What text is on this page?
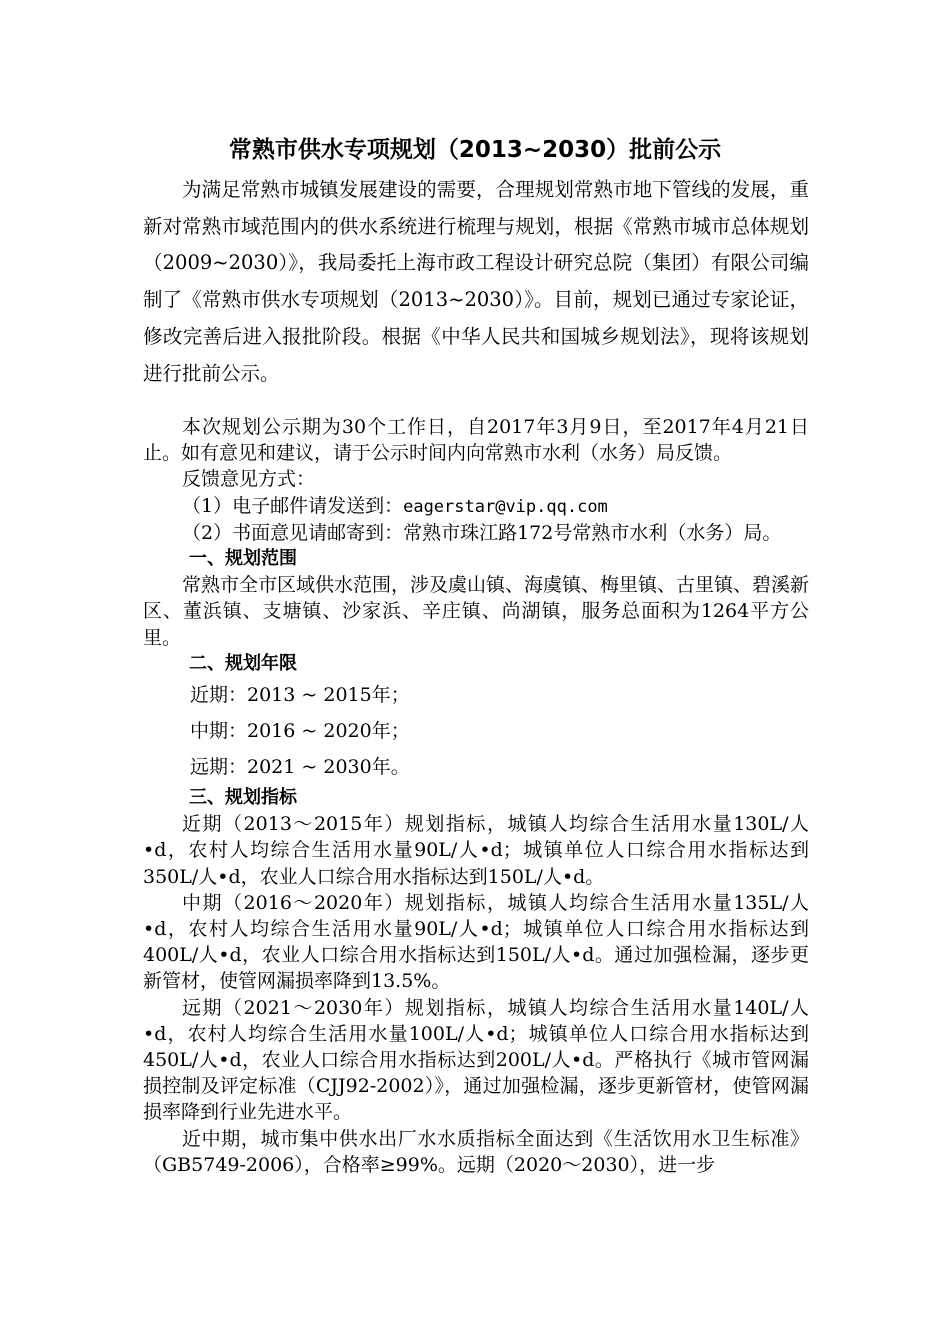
常熟市供水专项规划（2013~2030）批前公示

为满足常熟市城镇发展建设的需要，合理规划常熟市地下管线的发展，重新对常熟市域范围内的供水系统进行梳理与规划，根据《常熟市城市总体规划（2009~2030）》，我局委托上海市政工程设计研究总院（集团）有限公司编制了《常熟市供水专项规划（2013~2030）》。目前，规划已通过专家论证，修改完善后进入报批阶段。根据《中华人民共和国城乡规划法》，现将该规划进行批前公示。

本次规划公示期为30个工作日，自2017年3月9日，至2017年4月21日止。如有意见和建议，请于公示时间内向常熟市水利（水务）局反馈。

反馈意见方式：

（1）电子邮件请发送到：eagerstar@vip.qq.com

（2）书面意见请邮寄到：常熟市珠江路172号常熟市水利（水务）局。

一、规划范围

常熟市全市区域供水范围，涉及虞山镇、海虞镇、梅里镇、古里镇、碧溪新区、董浜镇、支塘镇、沙家浜、辛庄镇、尚湖镇，服务总面积为1264平方公里。

二、规划年限

近期：2013 ~ 2015年；

中期：2016 ~ 2020年；

远期：2021 ~ 2030年。

三、规划指标

近期（2013～2015年）规划指标，城镇人均综合生活用水量130L/人•d，农村人均综合生活用水量90L/人•d；城镇单位人口综合用水指标达到350L/人•d，农业人口综合用水指标达到150L/人•d。

中期（2016～2020年）规划指标，城镇人均综合生活用水量135L/人•d，农村人均综合生活用水量90L/人•d；城镇单位人口综合用水指标达到400L/人•d，农业人口综合用水指标达到150L/人•d。通过加强检漏，逐步更新管材，使管网漏损率降到13.5%。

远期（2021～2030年）规划指标，城镇人均综合生活用水量140L/人•d，农村人均综合生活用水量100L/人•d；城镇单位人口综合用水指标达到450L/人•d，农业人口综合用水指标达到200L/人•d。严格执行《城市管网漏损控制及评定标准（CJJ92-2002）》，通过加强检漏，逐步更新管材，使管网漏损率降到行业先进水平。

近中期，城市集中供水出厂水水质指标全面达到《生活饮用水卫生标准》（GB5749-2006），合格率≥99%。远期（2020～2030），进一步
